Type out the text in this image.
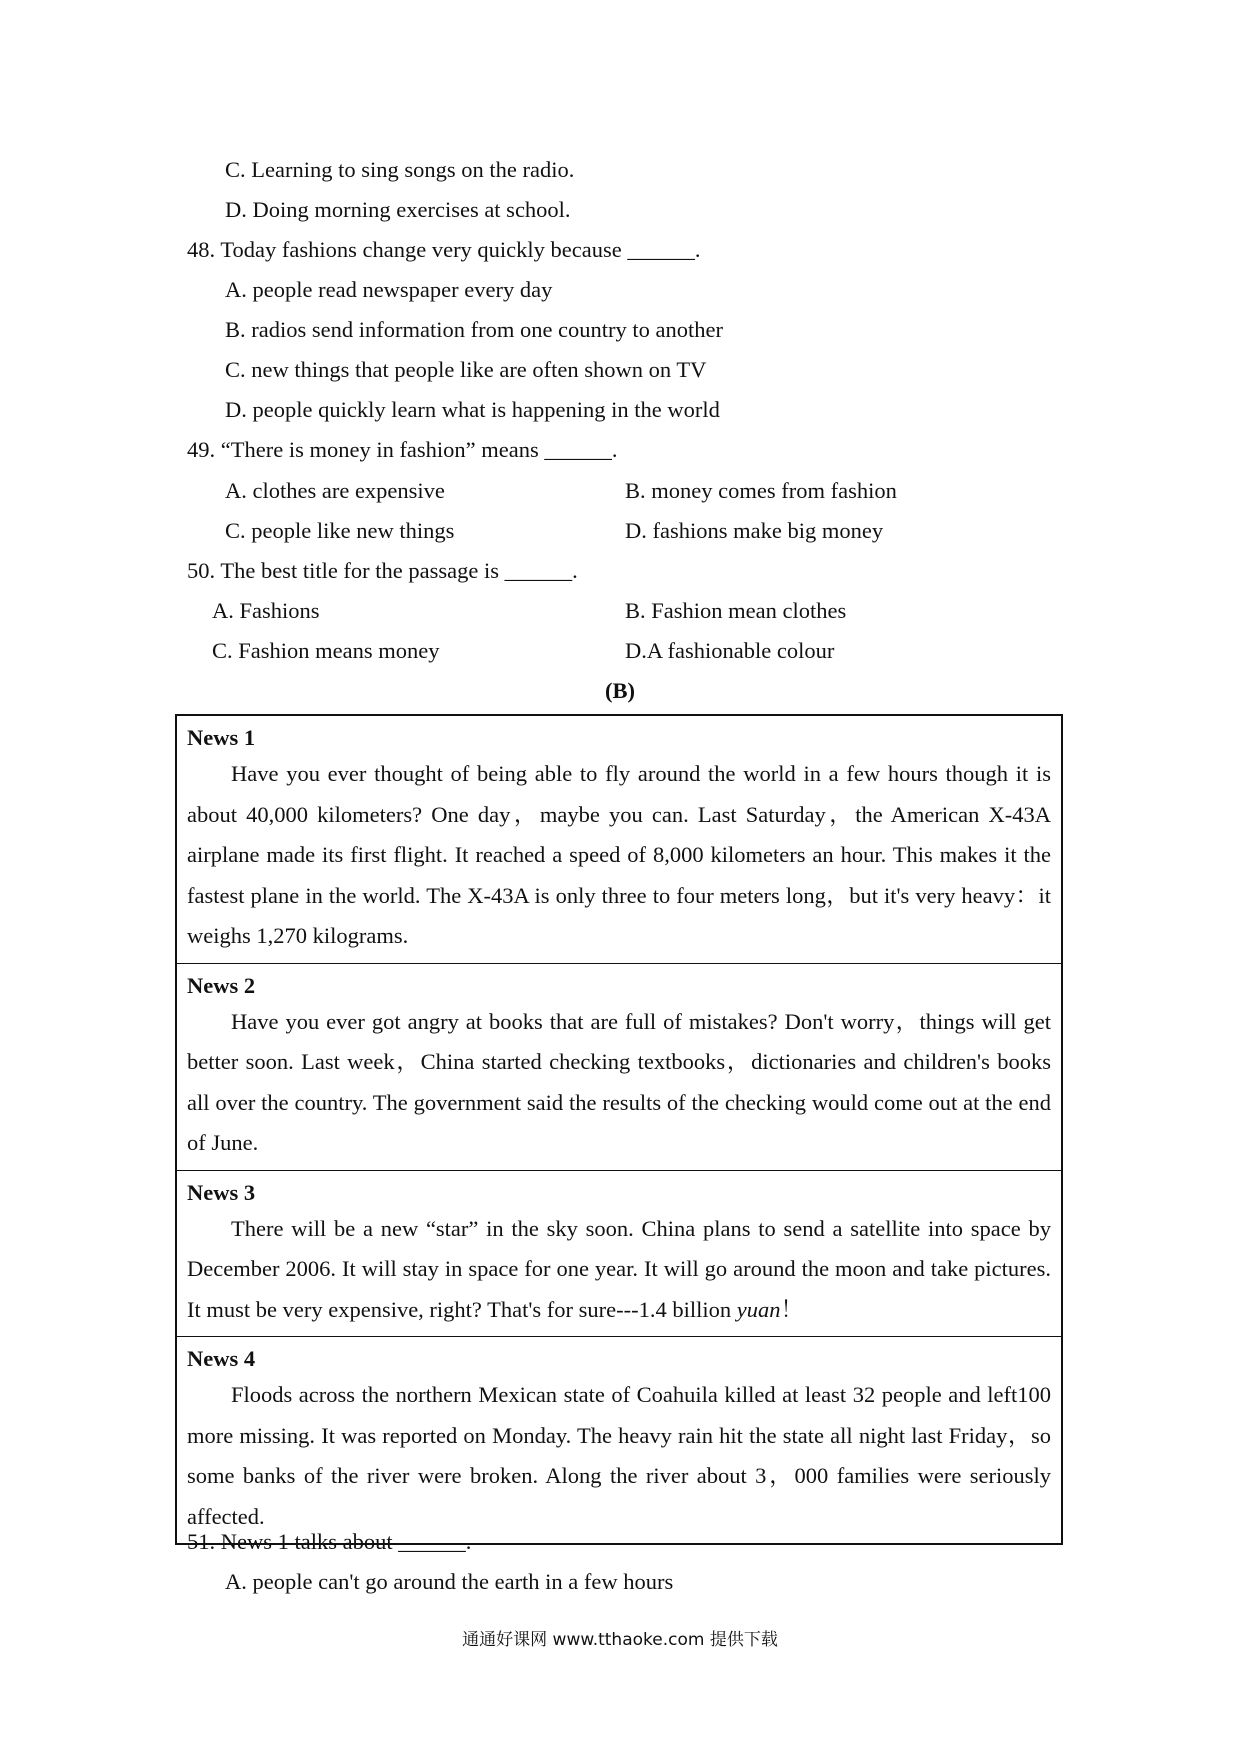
C. Learning to sing songs on the radio.
D. Doing morning exercises at school.
48. Today fashions change very quickly because ______.
A. people read newspaper every day
B. radios send information from one country to another
C. new things that people like are often shown on TV
D. people quickly learn what is happening in the world
49. “There is money in fashion” means ______.
A. clothes are expensive	B. money comes from fashion
C. people like new things	D. fashions make big money
50. The best title for the passage is ______.
A. Fashions	B. Fashion mean clothes
C. Fashion means money	D.A fashionable colour
(B)
News 1
Have you ever thought of being able to fly around the world in a few hours though it is about 40,000 kilometers? One day，maybe you can. Last Saturday，the American X-43A airplane made its first flight. It reached a speed of 8,000 kilometers an hour. This makes it the fastest plane in the world. The X-43A is only three to four meters long，but it's very heavy：it weighs 1,270 kilograms.
News 2
Have you ever got angry at books that are full of mistakes? Don't worry，things will get better soon. Last week，China started checking textbooks，dictionaries and children's books all over the country. The government said the results of the checking would come out at the end of June.
News 3
There will be a new “star” in the sky soon. China plans to send a satellite into space by December 2006. It will stay in space for one year. It will go around the moon and take pictures. It must be very expensive, right? That's for sure---1.4 billion yuan！
News 4
Floods across the northern Mexican state of Coahuila killed at least 32 people and left100 more missing. It was reported on Monday. The heavy rain hit the state all night last Friday，so some banks of the river were broken. Along the river about 3，000 families were seriously affected.
51. News 1 talks about ______.
A. people can't go around the earth in a few hours
通通好课网 www.tthaoke.com 提供下载
